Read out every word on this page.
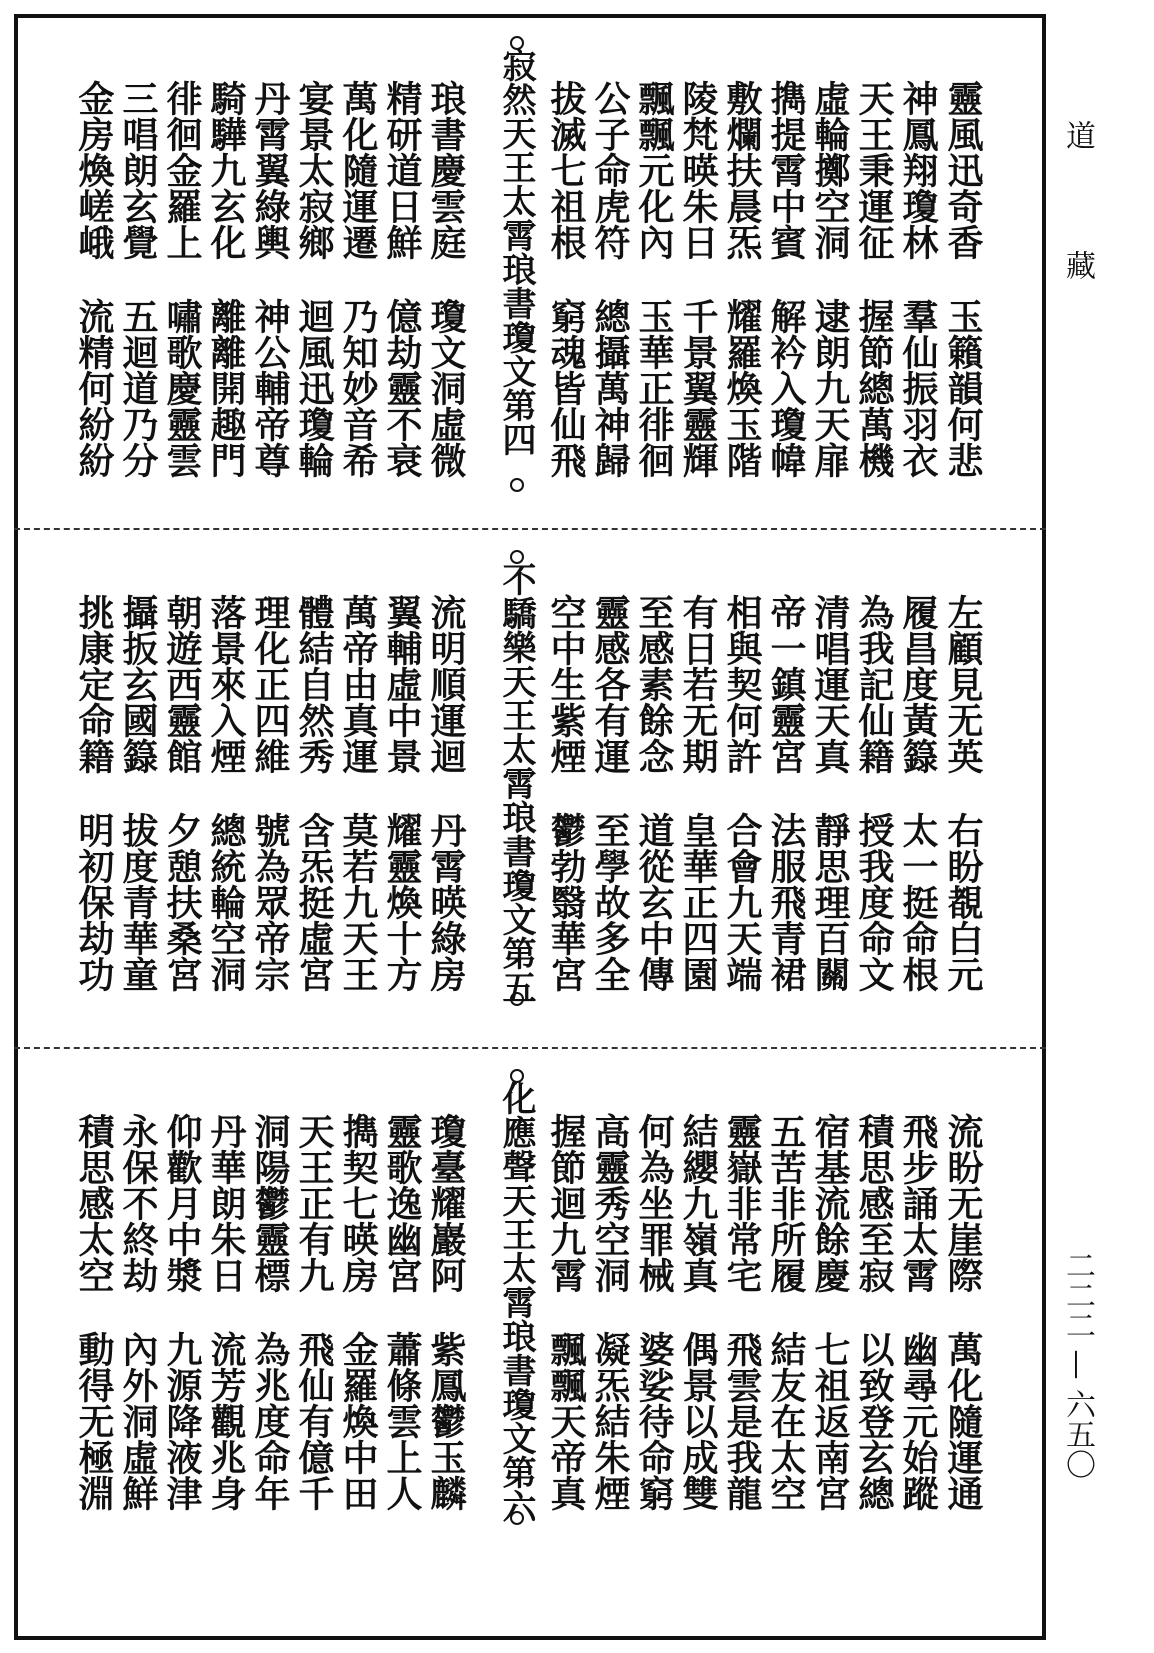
道
藏
二二二 — 六五〇
寂然天王太霄琅書瓊文第四	靈風迅奇香
玉籟韻何悲
神鳳翔瓊林
羣仙振羽衣
天王秉運征
握節總萬機
虛輪擲空洞
逮朗九天扉
擕提霄中賓
解衿入瓊幃
敷爛扶晨炁
耀羅煥玉階
陵梵暎朱日
千景翼靈輝
飄飄元化內
玉華正徘徊
公子命虎符
總攝萬神歸
拔滅七祖根
窮魂皆仙飛
琅書慶雲庭
瓊文洞虛微
精研道日鮮
億劫靈不衰
萬化隨運遷
乃知妙音希
宴景太寂鄉
迴風迅瓊輪
丹霄翼綠輿
神公輔帝尊
騎驊九玄化
離離開趣門
徘徊金羅上
嘯歌慶靈雲
三唱朗玄覺
五迴道乃分
金房煥嵯峨
流精何紛紛
不驕樂天王太霄琅書瓊文第五	左顧見无英
右盼覩白元
履昌度黃籙
太一挺命根
為我記仙籍
授我度命文
清唱運天真
靜思理百關
帝一鎮靈宮
法服飛青裙
相與契何許
合會九天端
有日若无期
皇華正四園
至感素餘念
道從玄中傳
靈感各有運
至學故多全
空中生紫煙
鬱勃翳華宮
流明順運迴
丹霄暎綠房
翼輔虛中景
耀靈煥十方
萬帝由真運
莫若九天王
體結自然秀
含炁挺虛宮
理化正四維
號為眾帝宗
落景來入煙
總統輪空洞
朝遊西靈館
夕憩扶桑宮
攝扳玄國籙
拔度青華童
挑康定命籍
明初保劫功
化應聲天王太霄琅書瓊文第六	流盼无崖際
萬化隨運通
飛步誦太霄
幽尋元始蹤
積思感至寂
以致登玄總
宿基流餘慶
七祖返南宮
五苦非所履
結友在太空
靈嶽非常宅
飛雲是我龍
結纓九嶺真
偶景以成雙
何為坐罪械
婆娑待命窮
高靈秀空洞
凝炁結朱煙
握節迴九霄
飄飄天帝真
瓊臺耀巖阿
紫鳳鬱玉麟
靈歌逸幽宮
蕭條雲上人
擕契七暎房
金羅煥中田
天王正有九
飛仙有億千
洞陽鬱靈標
為兆度命年
丹華朗朱日
流芳觀兆身
仰歡月中漿
九源降液津
永保不終劫
內外洞虛鮮
積思感太空
動得无極淵
